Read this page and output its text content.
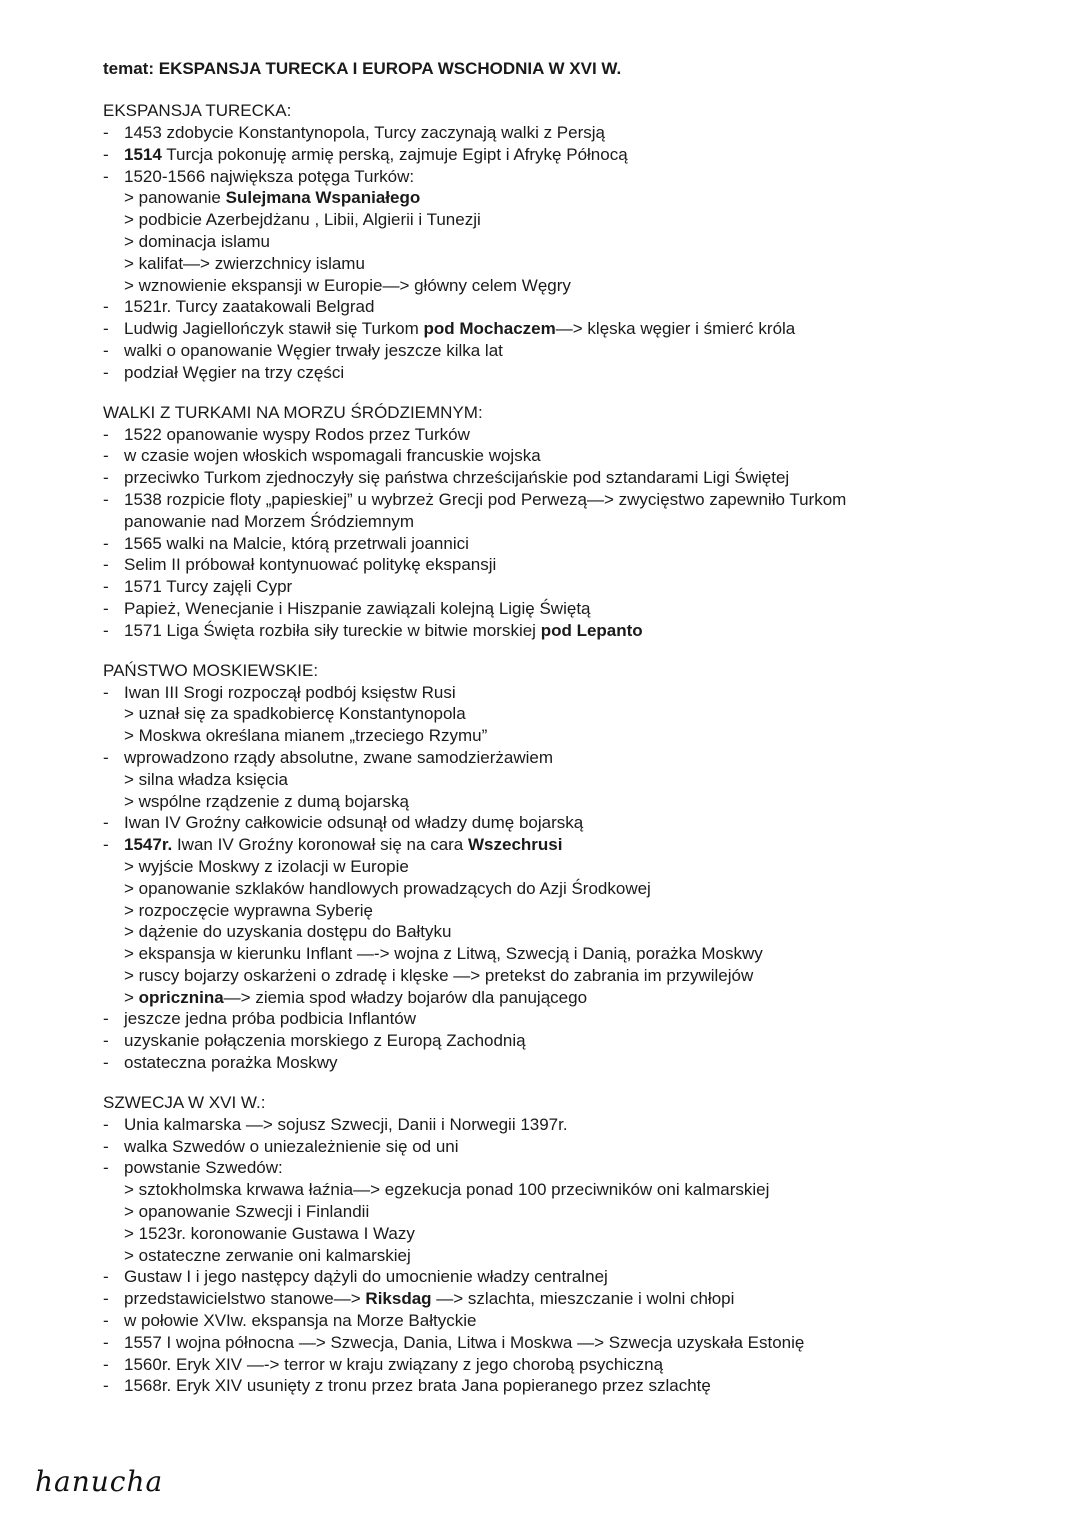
temat: EKSPANSJA TURECKA I EUROPA WSCHODNIA W XVI W.
EKSPANSJA TURECKA:
- 1453 zdobycie Konstantynopola, Turcy zaczynają walki z Persją
- 1514 Turcja pokonuję armię perską, zajmuje Egipt i Afrykę Północą
- 1520-1566 największa potęga Turków:
> panowanie Sulejmana Wspaniałego
> podbicie Azerbejdżanu , Libii, Algierii i Tunezji
> dominacja islamu
> kalifat—> zwierzchnicy islamu
> wznowienie ekspansji w Europie—> główny celem Węgry
- 1521r. Turcy zaatakowali Belgrad
- Ludwig Jagiellończyk stawił się Turkom pod Mochaczem—> klęska węgier i śmierć króla
- walki o opanowanie Węgier trwały jeszcze kilka lat
- podział Węgier na trzy części
WALKI Z TURKAMI NA MORZU ŚRÓDZIEMNYM:
- 1522 opanowanie wyspy Rodos przez Turków
- w czasie wojen włoskich wspomagali francuskie wojska
- przeciwko Turkom zjednoczyły się państwa chrześcijańskie pod sztandarami Ligi Świętej
- 1538 rozpicie floty „papieskiej” u wybrzeż Grecji pod Perwezą—> zwycięstwo zapewniło Turkom
panowanie nad Morzem Śródziemnym
- 1565 walki na Malcie, którą przetrwali joannici
- Selim II próbował kontynuować politykę ekspansji
- 1571 Turcy zajęli Cypr
- Papież, Wenecjanie i Hiszpanie zawiązali kolejną Ligię Świętą
- 1571 Liga Święta rozbiła siły tureckie w bitwie morskiej pod Lepanto
PAŃSTWO MOSKIEWSKIE:
- Iwan III Srogi rozpoczął podbój księstw Rusi
> uznał się za spadkobiercę Konstantynopola
> Moskwa określana mianem „trzeciego Rzymu”
- wprowadzono rządy absolutne, zwane samodzierżawiem
> silna władza księcia
> wspólne rządzenie z dumą bojarską
- Iwan IV Groźny całkowicie odsunął od władzy dumę bojarską
- 1547r. Iwan IV Groźny koronował się na cara Wszechrusi
> wyjście Moskwy z izolacji w Europie
> opanowanie szklaków handlowych prowadzących do Azji Środkowej
> rozpoczęcie wyprawna Syberię
> dążenie do uzyskania dostępu do Bałtyku
> ekspansja w kierunku Inflant —-> wojna z Litwą, Szwecją i Danią, porażka Moskwy
> ruscy bojarzy oskarżeni o zdradę i klęske —> pretekst do zabrania im przywilejów
> opricznina—> ziemia spod władzy bojarów dla panującego
- jeszcze jedna próba podbicia Inflantów
- uzyskanie połączenia morskiego z Europą Zachodnią
- ostateczna porażka Moskwy
SZWECJA W XVI W.:
- Unia kalmarska —> sojusz Szwecji, Danii i Norwegii 1397r.
- walka Szwedów o uniezależnienie się od uni
- powstanie Szwedów:
> sztokholmska krwawa łaźnia—> egzekucja ponad 100 przeciwników oni kalmarskiej
> opanowanie Szwecji i Finlandii
> 1523r. koronowanie Gustawa I Wazy
> ostateczne zerwanie oni kalmarskiej
- Gustaw I i jego następcy dążyli do umocnienie władzy centralnej
- przedstawicielstwo stanowe—> Riksdag —> szlachta, mieszczanie i wolni chłopi
- w połowie XVIw. ekspansja na Morze Bałtyckie
- 1557 I wojna północna —> Szwecja, Dania, Litwa i Moskwa —> Szwecja uzyskała Estonię
- 1560r. Eryk XIV —-> terror w kraju związany z jego chorobą psychiczną
- 1568r. Eryk XIV usunięty z tronu przez brata Jana popieranego przez szlachtę
hanucha
